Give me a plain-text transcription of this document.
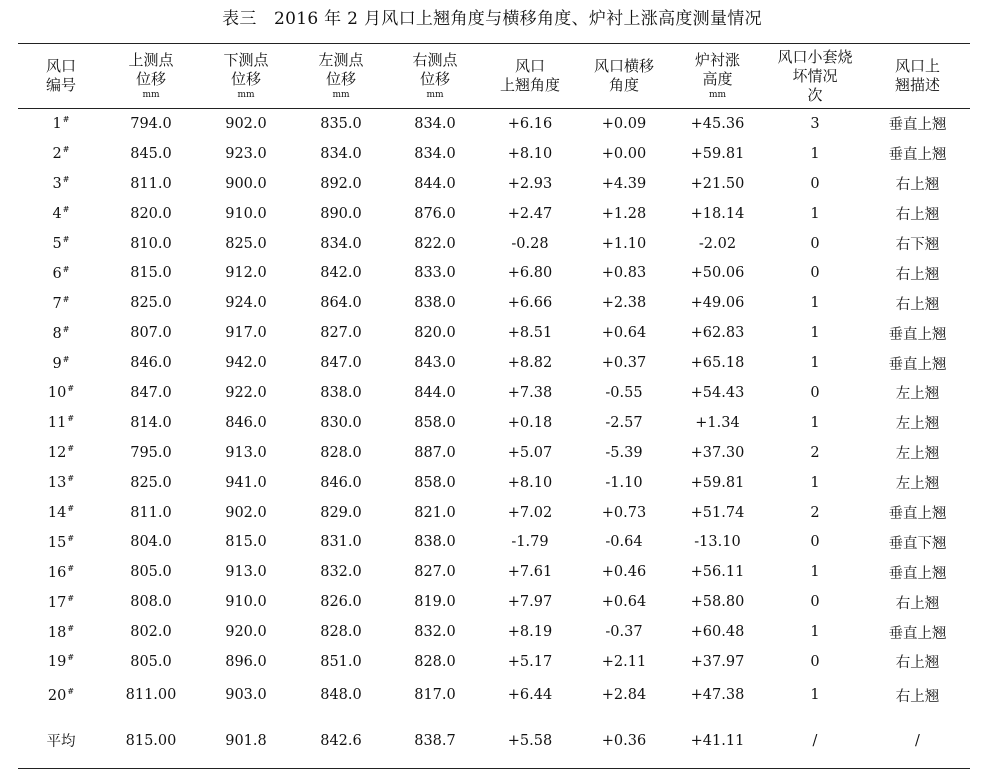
表三　2016 年 2 月风口上翘角度与横移角度、炉衬上涨高度测量情况
风口
编号	上测点
位移
mm	下测点
位移
mm	左测点
位移
mm	右测点
位移
mm	风口
上翘角度	风口横移
角度	炉衬涨
高度
mm	风口小套烧
坏情况
次	风口上
翘描述

1#	794.0	902.0	835.0	834.0	+6.16	+0.09	+45.36	3	垂直上翘
2#	845.0	923.0	834.0	834.0	+8.10	+0.00	+59.81	1	垂直上翘
3#	811.0	900.0	892.0	844.0	+2.93	+4.39	+21.50	0	右上翘
4#	820.0	910.0	890.0	876.0	+2.47	+1.28	+18.14	1	右上翘
5#	810.0	825.0	834.0	822.0	-0.28	+1.10	-2.02	0	右下翘
6#	815.0	912.0	842.0	833.0	+6.80	+0.83	+50.06	0	右上翘
7#	825.0	924.0	864.0	838.0	+6.66	+2.38	+49.06	1	右上翘
8#	807.0	917.0	827.0	820.0	+8.51	+0.64	+62.83	1	垂直上翘
9#	846.0	942.0	847.0	843.0	+8.82	+0.37	+65.18	1	垂直上翘
10#	847.0	922.0	838.0	844.0	+7.38	-0.55	+54.43	0	左上翘
11#	814.0	846.0	830.0	858.0	+0.18	-2.57	+1.34	1	左上翘
12#	795.0	913.0	828.0	887.0	+5.07	-5.39	+37.30	2	左上翘
13#	825.0	941.0	846.0	858.0	+8.10	-1.10	+59.81	1	左上翘
14#	811.0	902.0	829.0	821.0	+7.02	+0.73	+51.74	2	垂直上翘
15#	804.0	815.0	831.0	838.0	-1.79	-0.64	-13.10	0	垂直下翘
16#	805.0	913.0	832.0	827.0	+7.61	+0.46	+56.11	1	垂直上翘
17#	808.0	910.0	826.0	819.0	+7.97	+0.64	+58.80	0	右上翘
18#	802.0	920.0	828.0	832.0	+8.19	-0.37	+60.48	1	垂直上翘
19#	805.0	896.0	851.0	828.0	+5.17	+2.11	+37.97	0	右上翘
20#	811.00	903.0	848.0	817.0	+6.44	+2.84	+47.38	1	右上翘
平均	815.00	901.8	842.6	838.7	+5.58	+0.36	+41.11	/	/
